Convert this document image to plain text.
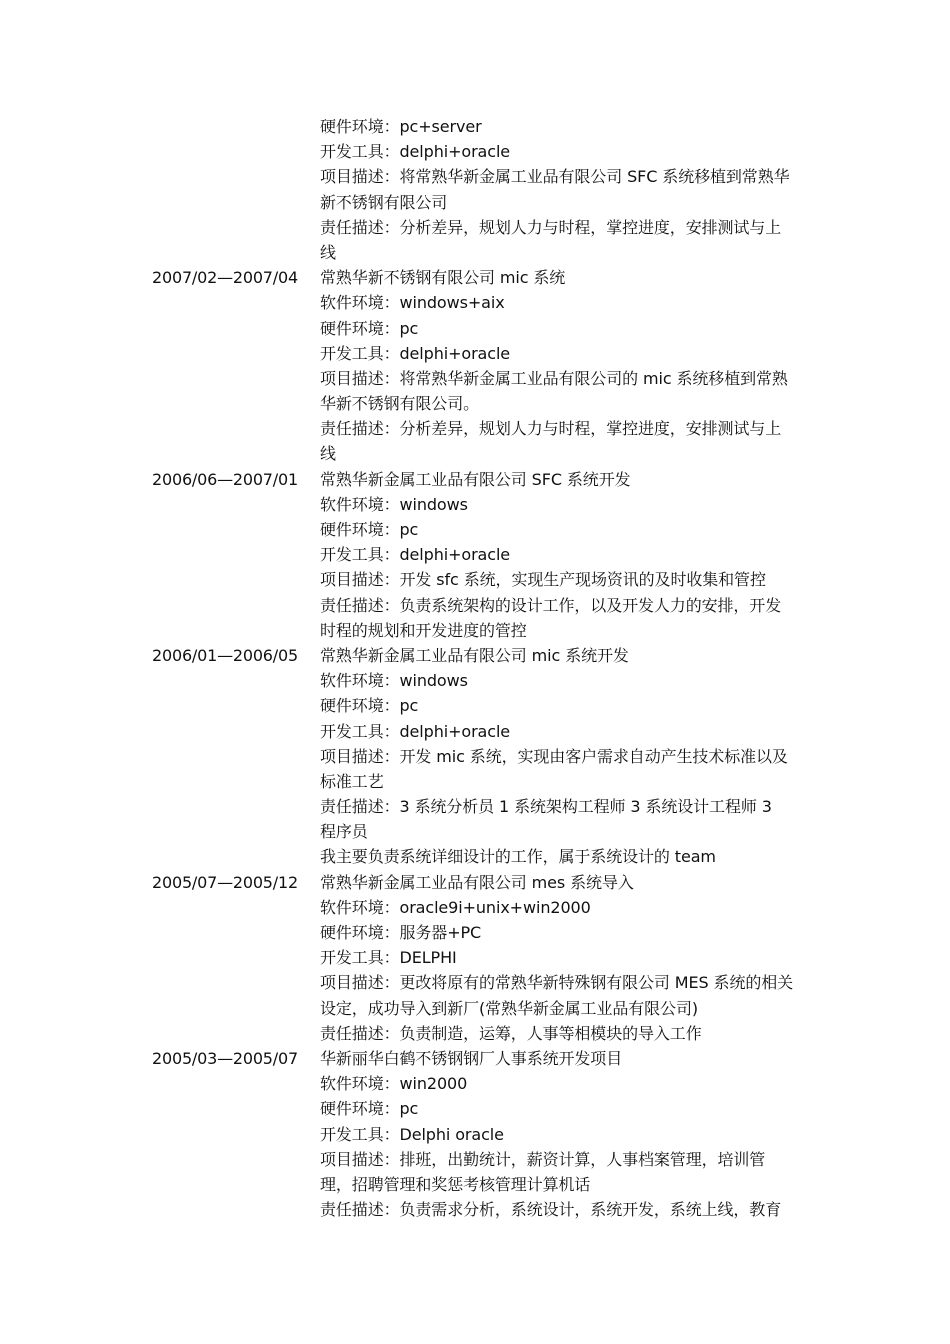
硬件环境：pc+server
开发工具：delphi+oracle
项目描述：将常熟华新金属工业品有限公司 SFC 系统移植到常熟华
新不锈钢有限公司
责任描述：分析差异，规划人力与时程，掌控进度，安排测试与上
线
2007/02—2007/04	常熟华新不锈钢有限公司 mic 系统
软件环境：windows+aix
硬件环境：pc
开发工具：delphi+oracle
项目描述：将常熟华新金属工业品有限公司的 mic 系统移植到常熟
华新不锈钢有限公司。
责任描述：分析差异，规划人力与时程，掌控进度，安排测试与上
线
2006/06—2007/01	常熟华新金属工业品有限公司 SFC 系统开发
软件环境：windows
硬件环境：pc
开发工具：delphi+oracle
项目描述：开发 sfc 系统，实现生产现场资讯的及时收集和管控
责任描述：负责系统架构的设计工作，以及开发人力的安排，开发
时程的规划和开发进度的管控
2006/01—2006/05	常熟华新金属工业品有限公司 mic 系统开发
软件环境：windows
硬件环境：pc
开发工具：delphi+oracle
项目描述：开发 mic 系统，实现由客户需求自动产生技术标准以及
标准工艺
责任描述：3 系统分析员 1 系统架构工程师 3 系统设计工程师 3
程序员
我主要负责系统详细设计的工作，属于系统设计的 team
2005/07—2005/12	常熟华新金属工业品有限公司 mes 系统导入
软件环境：oracle9i+unix+win2000
硬件环境：服务器+PC
开发工具：DELPHI
项目描述：更改将原有的常熟华新特殊钢有限公司 MES 系统的相关
设定，成功导入到新厂(常熟华新金属工业品有限公司)
责任描述：负责制造，运筹，人事等相模块的导入工作
2005/03—2005/07	华新丽华白鹤不锈钢钢厂人事系统开发项目
软件环境：win2000
硬件环境：pc
开发工具：Delphi oracle
项目描述：排班，出勤统计，薪资计算，人事档案管理，培训管
理，招聘管理和奖惩考核管理计算机话
责任描述：负责需求分析，系统设计，系统开发，系统上线，教育
